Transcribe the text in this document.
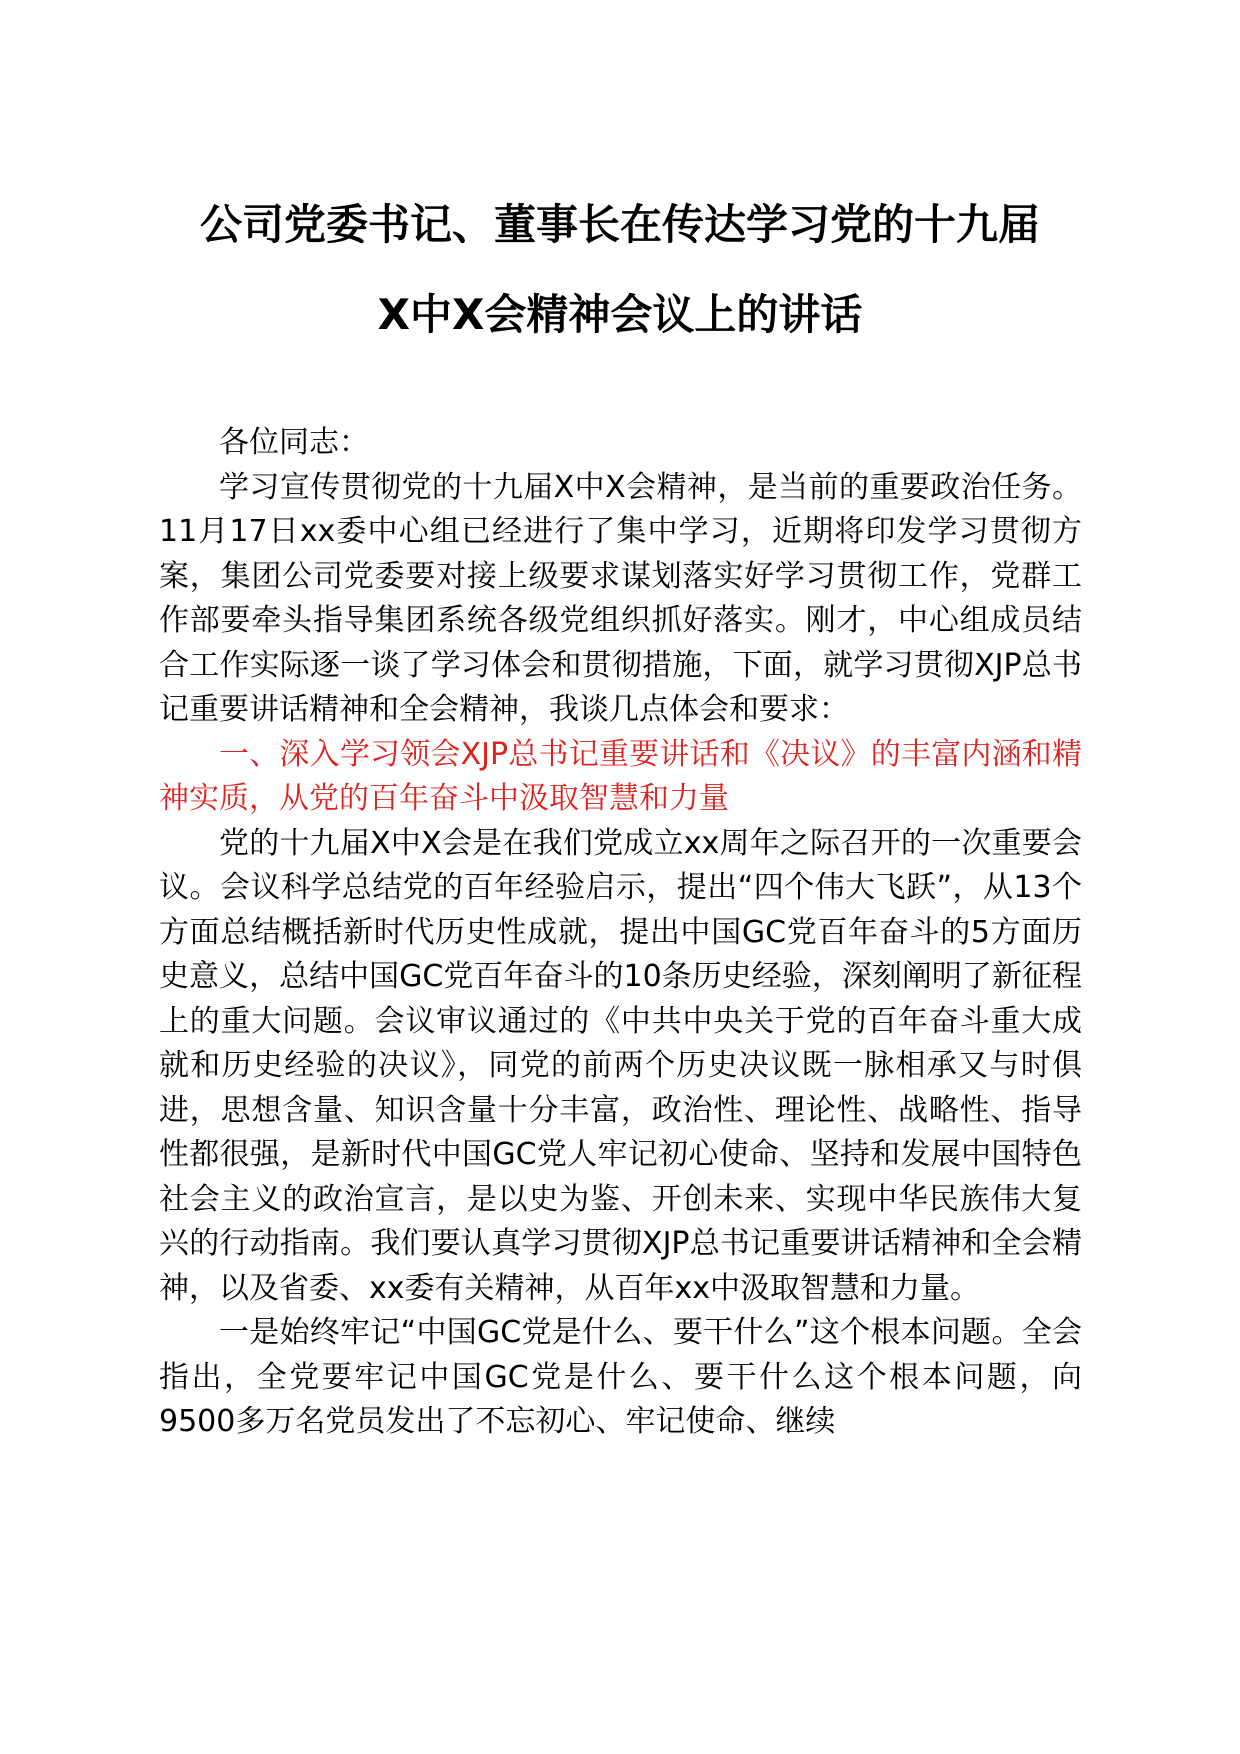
公司党委书记、董事长在传达学习党的十九届
X中X会精神会议上的讲话

各位同志：

学习宣传贯彻党的十九届X中X会精神，是当前的重要政治任务。11月17日xx委中心组已经进行了集中学习，近期将印发学习贯彻方案，集团公司党委要对接上级要求谋划落实好学习贯彻工作，党群工作部要牵头指导集团系统各级党组织抓好落实。刚才，中心组成员结合工作实际逐一谈了学习体会和贯彻措施，下面，就学习贯彻XJP总书记重要讲话精神和全会精神，我谈几点体会和要求：

一、深入学习领会XJP总书记重要讲话和《决议》的丰富内涵和精神实质，从党的百年奋斗中汲取智慧和力量

党的十九届X中X会是在我们党成立xx周年之际召开的一次重要会议。会议科学总结党的百年经验启示，提出“四个伟大飞跃”，从13个方面总结概括新时代历史性成就，提出中国GC党百年奋斗的5方面历史意义，总结中国GC党百年奋斗的10条历史经验，深刻阐明了新征程上的重大问题。会议审议通过的《中共中央关于党的百年奋斗重大成就和历史经验的决议》，同党的前两个历史决议既一脉相承又与时俱进，思想含量、知识含量十分丰富，政治性、理论性、战略性、指导性都很强，是新时代中国GC党人牢记初心使命、坚持和发展中国特色社会主义的政治宣言，是以史为鉴、开创未来、实现中华民族伟大复兴的行动指南。我们要认真学习贯彻XJP总书记重要讲话精神和全会精神，以及省委、xx委有关精神，从百年xx中汲取智慧和力量。

一是始终牢记“中国GC党是什么、要干什么”这个根本问题。全会指出，全党要牢记中国GC党是什么、要干什么这个根本问题，向9500多万名党员发出了不忘初心、牢记使命、继续
